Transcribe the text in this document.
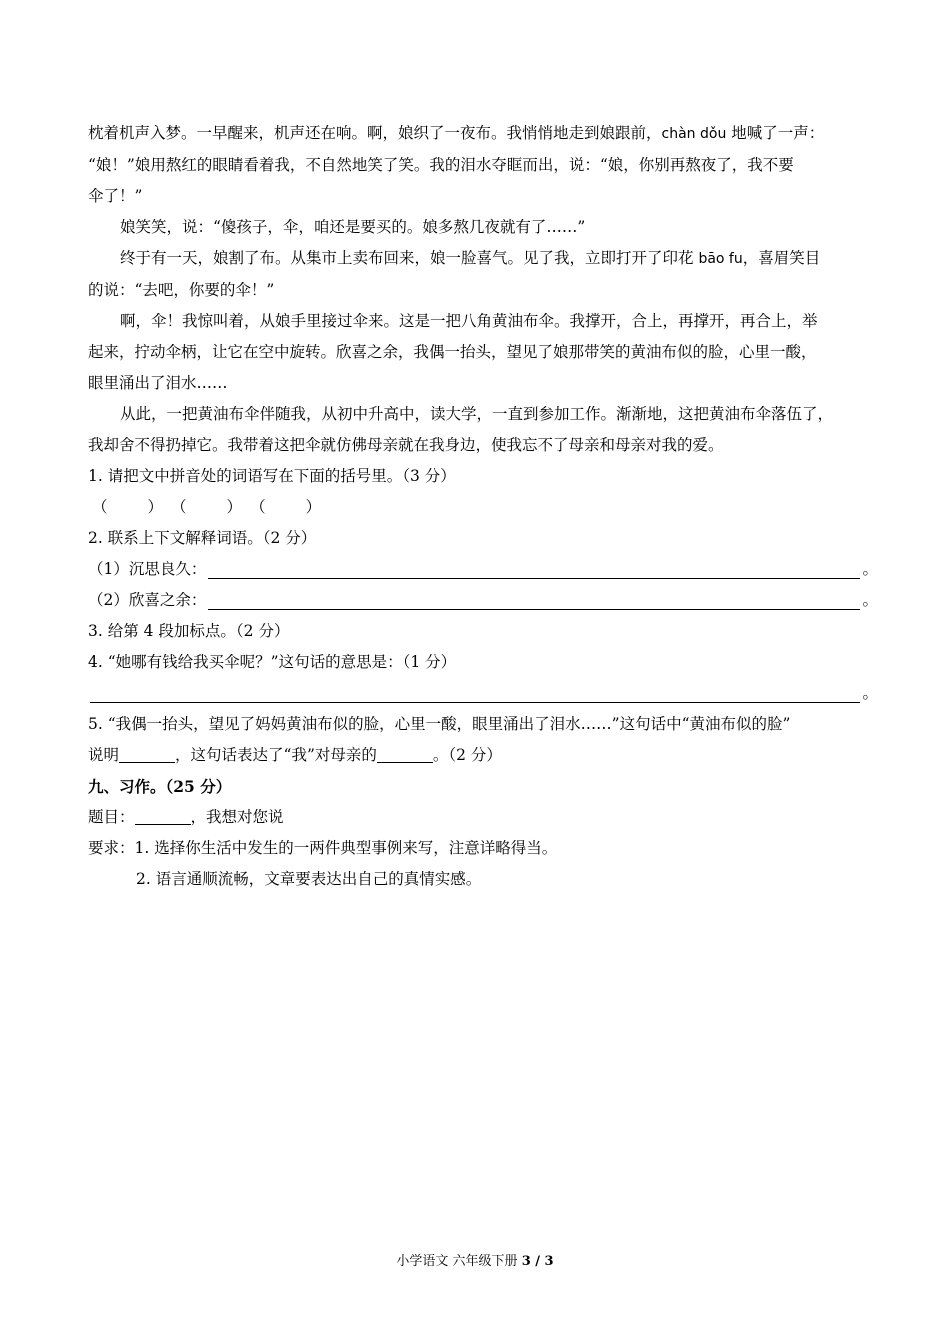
枕着机声入梦。一早醒来，机声还在响。啊，娘织了一夜布。我悄悄地走到娘跟前，chàn dǒu 地喊了一声：

“娘！”娘用熬红的眼睛看着我，不自然地笑了笑。我的泪水夺眶而出，说：“娘，你别再熬夜了，我不要

伞了！”

娘笑笑，说：“傻孩子，伞，咱还是要买的。娘多熬几夜就有了……”

终于有一天，娘割了布。从集市上卖布回来，娘一脸喜气。见了我，立即打开了印花 bāo fu，喜眉笑目

的说：“去吧，你要的伞！”

啊，伞！我惊叫着，从娘手里接过伞来。这是一把八角黄油布伞。我撑开，合上，再撑开，再合上，举

起来，拧动伞柄，让它在空中旋转。欣喜之余，我偶一抬头，望见了娘那带笑的黄油布似的脸，心里一酸，

眼里涌出了泪水……

从此，一把黄油布伞伴随我，从初中升高中，读大学，一直到参加工作。渐渐地，这把黄油布伞落伍了，

我却舍不得扔掉它。我带着这把伞就仿佛母亲就在我身边，使我忘不了母亲和母亲对我的爱。

1. 请把文中拼音处的词语写在下面的括号里。（3 分）

（	） （	） （	）

2. 联系上下文解释词语。（2 分）

（1）沉思良久：	。
（2）欣喜之余：	。

3. 给第 4 段加标点。（2 分）

4. “她哪有钱给我买伞呢？”这句话的意思是：（1 分）

。

5. “我偶一抬头，望见了妈妈黄油布似的脸，心里一酸，眼里涌出了泪水……”这句话中“黄油布似的脸”

说明	，这句话表达了“我”对母亲的	。（2 分）

九、习作。（25 分）

题目：	，我想对您说

要求：1. 选择你生活中发生的一两件典型事例来写，注意详略得当。

2. 语言通顺流畅，文章要表达出自己的真情实感。

小学语文 六年级下册 3 / 3
